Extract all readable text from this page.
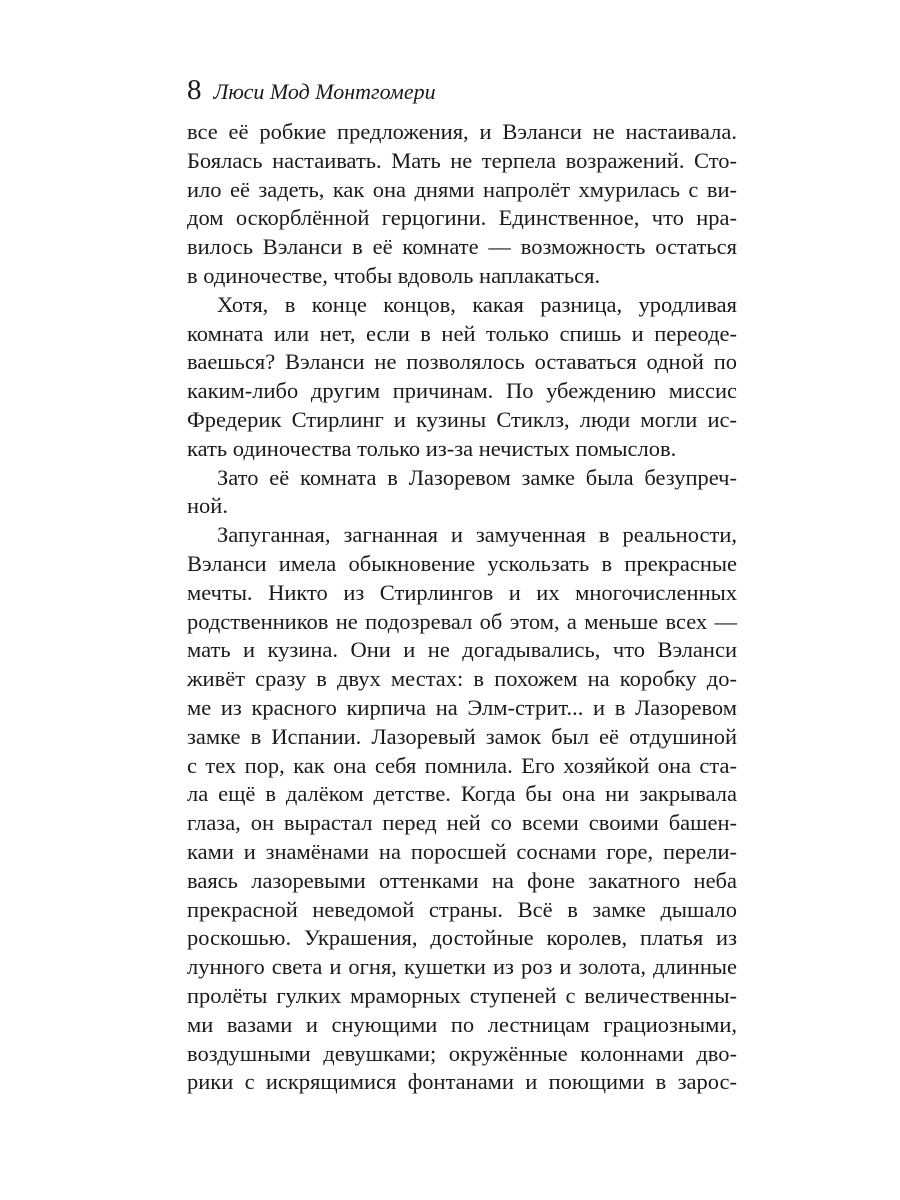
8 Люси Мод Монтгомери
все её робкие предложения, и Вэланси не настаивала.
Боялась настаивать. Мать не терпела возражений. Сто-
ило её задеть, как она днями напролёт хмурилась с ви-
дом оскорблённой герцогини. Единственное, что нра-
вилось Вэланси в её комнате — возможность остаться
в одиночестве, чтобы вдоволь наплакаться.
Хотя, в конце концов, какая разница, уродливая
комната или нет, если в ней только спишь и переоде-
ваешься? Вэланси не позволялось оставаться одной по
каким-либо другим причинам. По убеждению миссис
Фредерик Стирлинг и кузины Стиклз, люди могли ис-
кать одиночества только из-за нечистых помыслов.
Зато её комната в Лазоревом замке была безупреч-
ной.
Запуганная, загнанная и замученная в реальности,
Вэланси имела обыкновение ускользать в прекрасные
мечты. Никто из Стирлингов и их многочисленных
родственников не подозревал об этом, а меньше всех —
мать и кузина. Они и не догадывались, что Вэланси
живёт сразу в двух местах: в похожем на коробку до-
ме из красного кирпича на Элм-стрит... и в Лазоревом
замке в Испании. Лазоревый замок был её отдушиной
с тех пор, как она себя помнила. Его хозяйкой она ста-
ла ещё в далёком детстве. Когда бы она ни закрывала
глаза, он вырастал перед ней со всеми своими башен-
ками и знамёнами на поросшей соснами горе, перели-
ваясь лазоревыми оттенками на фоне закатного неба
прекрасной неведомой страны. Всё в замке дышало
роскошью. Украшения, достойные королев, платья из
лунного света и огня, кушетки из роз и золота, длинные
пролёты гулких мраморных ступеней с величественны-
ми вазами и снующими по лестницам грациозными,
воздушными девушками; окружённые колоннами дво-
рики с искрящимися фонтанами и поющими в зарос-
